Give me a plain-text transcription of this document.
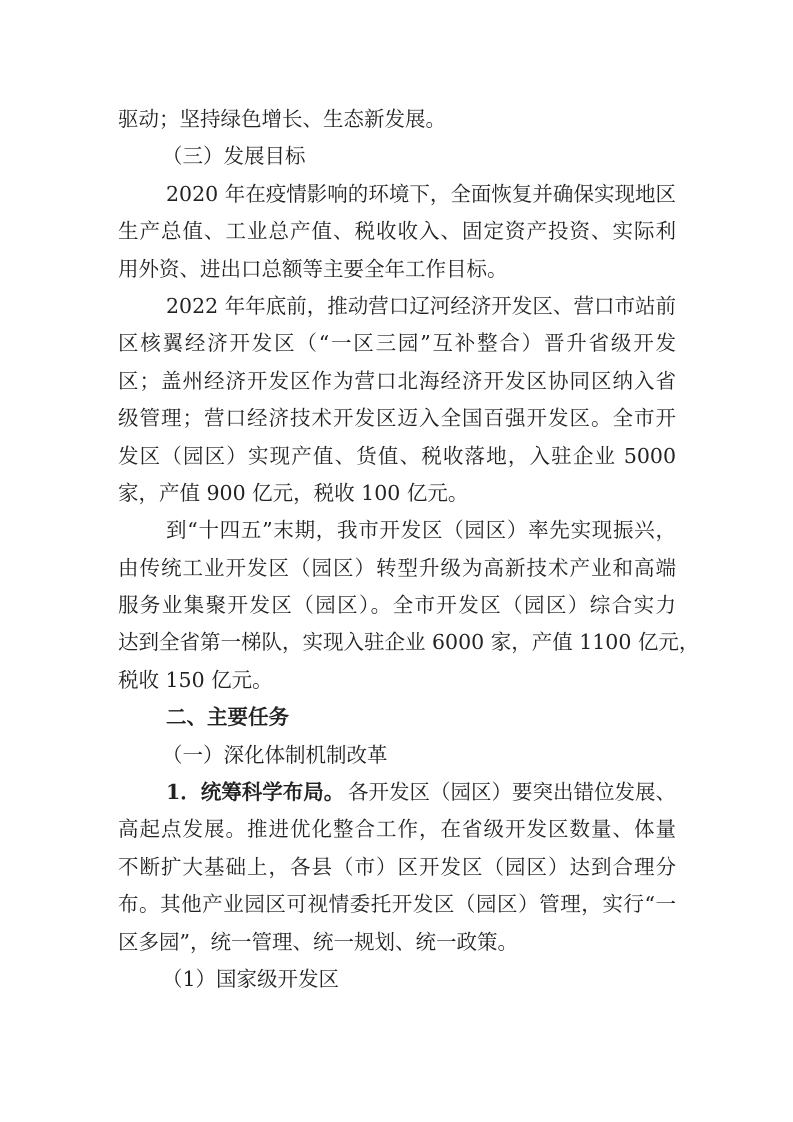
驱动；坚持绿色增长、生态新发展。
（三）发展目标
2020 年在疫情影响的环境下，全面恢复并确保实现地区
生产总值、工业总产值、税收收入、固定资产投资、实际利
用外资、进出口总额等主要全年工作目标。
2022 年年底前，推动营口辽河经济开发区、营口市站前
区核翼经济开发区（“一区三园”互补整合）晋升省级开发
区；盖州经济开发区作为营口北海经济开发区协同区纳入省
级管理；营口经济技术开发区迈入全国百强开发区。全市开
发区（园区）实现产值、货值、税收落地，入驻企业 5000
家，产值 900 亿元，税收 100 亿元。
到“十四五”末期，我市开发区（园区）率先实现振兴，
由传统工业开发区（园区）转型升级为高新技术产业和高端
服务业集聚开发区（园区）。全市开发区（园区）综合实力
达到全省第一梯队，实现入驻企业 6000 家，产值 1100 亿元，
税收 150 亿元。
二、主要任务
（一）深化体制机制改革
1．统筹科学布局。 各开发区（园区）要突出错位发展、
高起点发展。推进优化整合工作，在省级开发区数量、体量
不断扩大基础上，各县（市）区开发区（园区）达到合理分
布。其他产业园区可视情委托开发区（园区）管理，实行“一
区多园”，统一管理、统一规划、统一政策。
（1）国家级开发区
